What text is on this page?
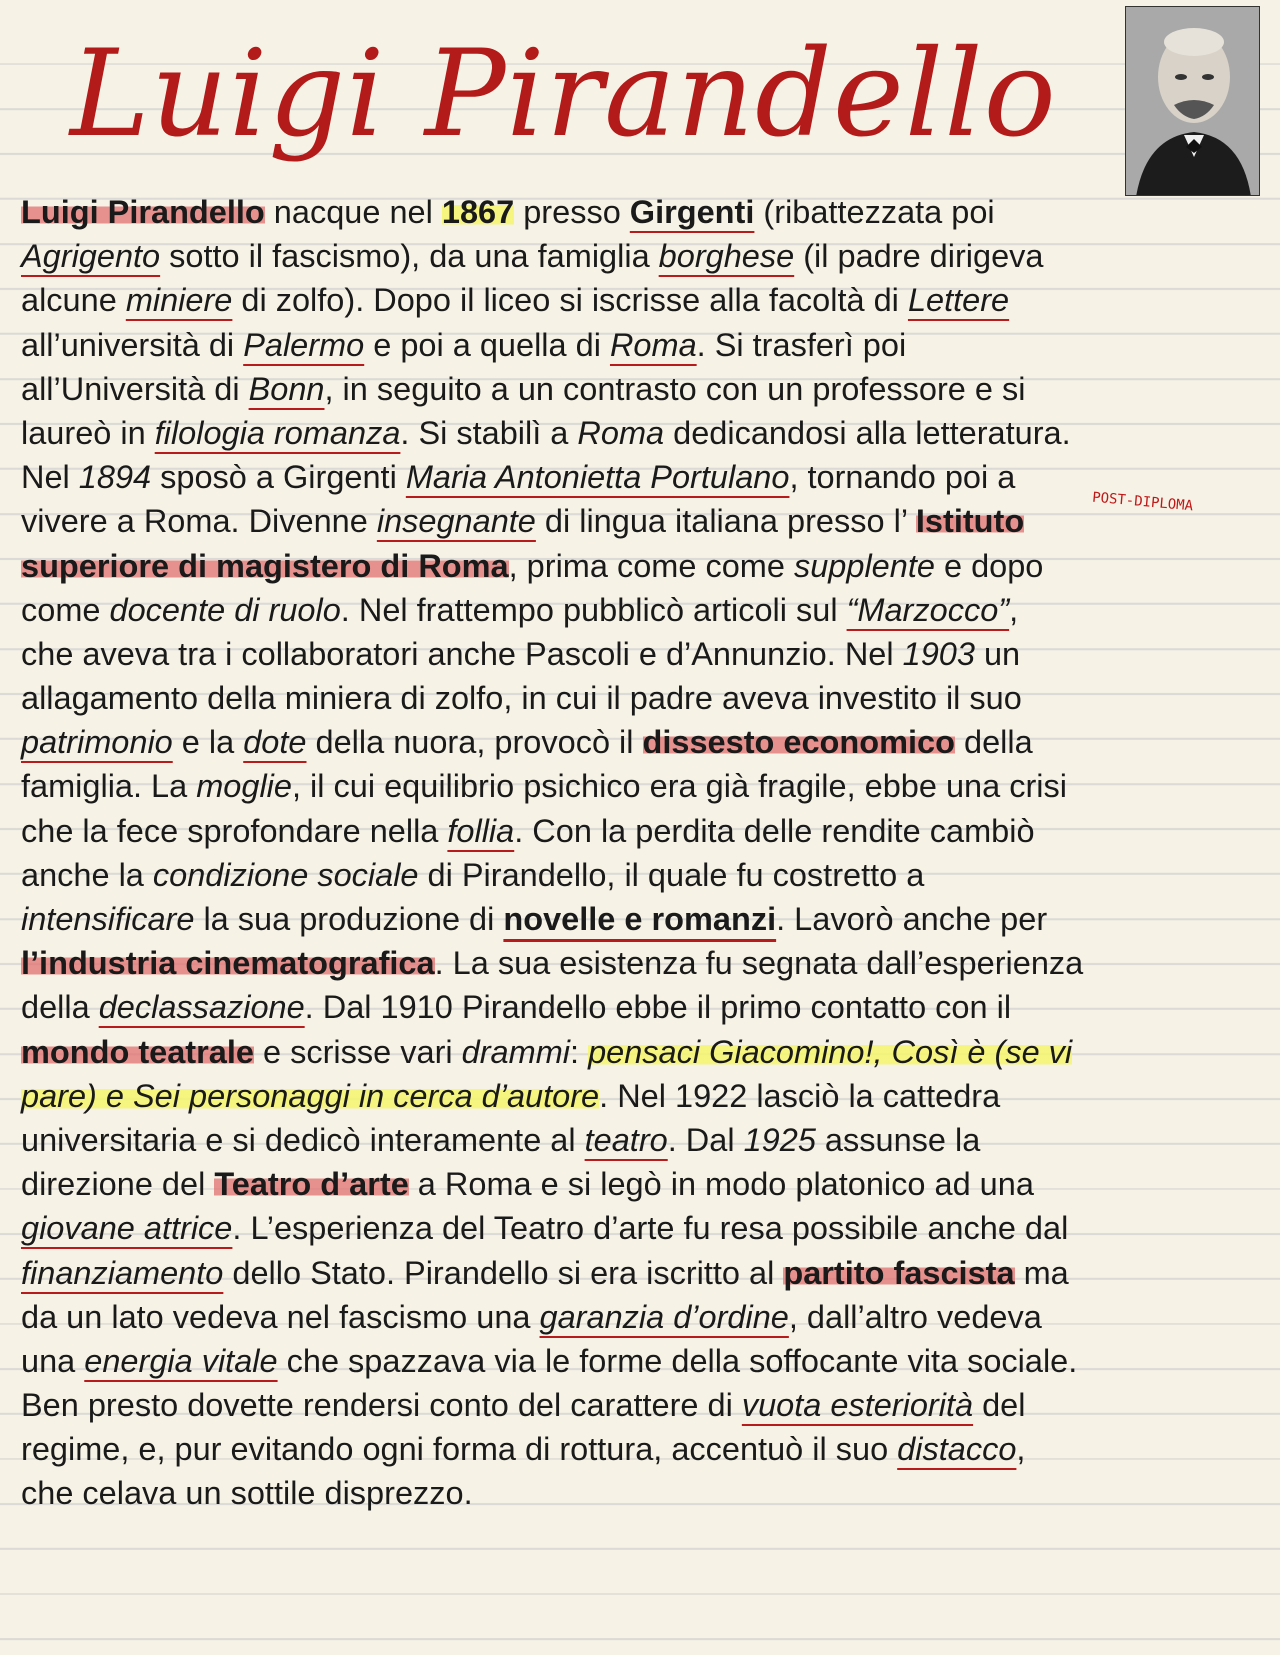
Luigi Pirandello
POST-DIPLOMA
Luigi Pirandello nacque nel 1867 presso Girgenti (ribattezzata poi
Agrigento sotto il fascismo), da una famiglia borghese (il padre dirigeva
alcune miniere di zolfo). Dopo il liceo si iscrisse alla facoltà di Lettere
all’università di Palermo e poi a quella di Roma. Si trasferì poi
all’Università di Bonn, in seguito a un contrasto con un professore e si
laureò in filologia romanza. Si stabilì a Roma dedicandosi alla letteratura.
Nel 1894 sposò a Girgenti Maria Antonietta Portulano, tornando poi a
vivere a Roma. Divenne insegnante di lingua italiana presso l’ Istituto
superiore di magistero di Roma, prima come come supplente e dopo
come docente di ruolo. Nel frattempo pubblicò articoli sul “Marzocco”,
che aveva tra i collaboratori anche Pascoli e d’Annunzio. Nel 1903 un
allagamento della miniera di zolfo, in cui il padre aveva investito il suo
patrimonio e la dote della nuora, provocò il dissesto economico della
famiglia. La moglie, il cui equilibrio psichico era già fragile, ebbe una crisi
che la fece sprofondare nella follia. Con la perdita delle rendite cambiò
anche la condizione sociale di Pirandello, il quale fu costretto a
intensificare la sua produzione di novelle e romanzi. Lavorò anche per
l’industria cinematografica. La sua esistenza fu segnata dall’esperienza
della declassazione. Dal 1910 Pirandello ebbe il primo contatto con il
mondo teatrale e scrisse vari drammi: pensaci Giacomino!, Così è (se vi
pare) e Sei personaggi in cerca d’autore. Nel 1922 lasciò la cattedra
universitaria e si dedicò interamente al teatro. Dal 1925 assunse la
direzione del Teatro d’arte a Roma e si legò in modo platonico ad una
giovane attrice. L’esperienza del Teatro d’arte fu resa possibile anche dal
finanziamento dello Stato. Pirandello si era iscritto al partito fascista ma
da un lato vedeva nel fascismo una garanzia d’ordine, dall’altro vedeva
una energia vitale che spazzava via le forme della soffocante vita sociale.
Ben presto dovette rendersi conto del carattere di vuota esteriorità del
regime, e, pur evitando ogni forma di rottura, accentuò il suo distacco,
che celava un sottile disprezzo.
